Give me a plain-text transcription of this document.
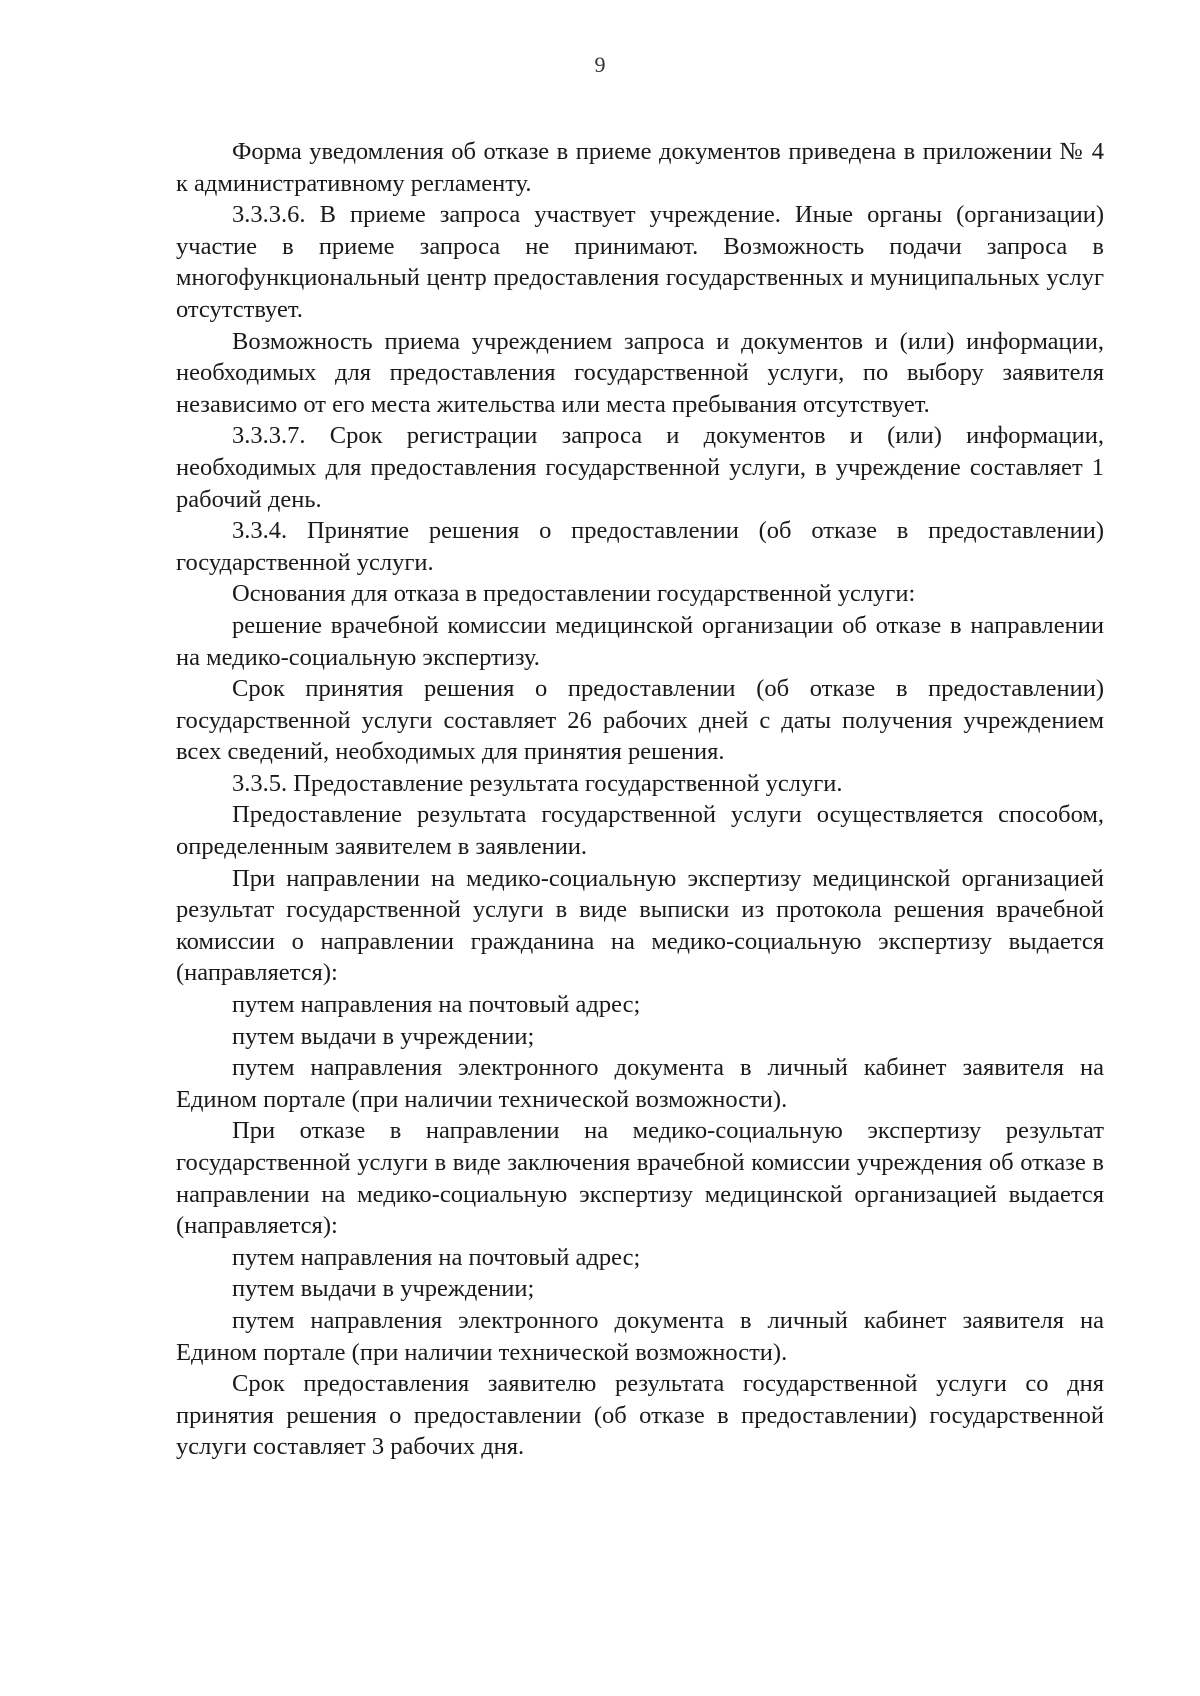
9

Форма уведомления об отказе в приеме документов приведена в приложении № 4 к административному регламенту.

3.3.3.6. В приеме запроса участвует учреждение. Иные органы (организации) участие в приеме запроса не принимают. Возможность подачи запроса в многофункциональный центр предоставления государственных и муниципальных услуг отсутствует.

Возможность приема учреждением запроса и документов и (или) информации, необходимых для предоставления государственной услуги, по выбору заявителя независимо от его места жительства или места пребывания отсутствует.

3.3.3.7. Срок регистрации запроса и документов и (или) информации, необходимых для предоставления государственной услуги, в учреждение составляет 1 рабочий день.

3.3.4. Принятие решения о предоставлении (об отказе в предоставлении) государственной услуги.

Основания для отказа в предоставлении государственной услуги:

решение врачебной комиссии медицинской организации об отказе в направлении на медико-социальную экспертизу.

Срок принятия решения о предоставлении (об отказе в предоставлении) государственной услуги составляет 26 рабочих дней с даты получения учреждением всех сведений, необходимых для принятия решения.

3.3.5. Предоставление результата государственной услуги.

Предоставление результата государственной услуги осуществляется способом, определенным заявителем в заявлении.

При направлении на медико-социальную экспертизу медицинской организацией результат государственной услуги в виде выписки из протокола решения врачебной комиссии о направлении гражданина на медико-социальную экспертизу выдается (направляется):

путем направления на почтовый адрес;

путем выдачи в учреждении;

путем направления электронного документа в личный кабинет заявителя на Едином портале (при наличии технической возможности).

При отказе в направлении на медико-социальную экспертизу результат государственной услуги в виде заключения врачебной комиссии учреждения об отказе в направлении на медико-социальную экспертизу медицинской организацией выдается (направляется):

путем направления на почтовый адрес;

путем выдачи в учреждении;

путем направления электронного документа в личный кабинет заявителя на Едином портале (при наличии технической возможности).

Срок предоставления заявителю результата государственной услуги со дня принятия решения о предоставлении (об отказе в предоставлении) государственной услуги составляет 3 рабочих дня.
